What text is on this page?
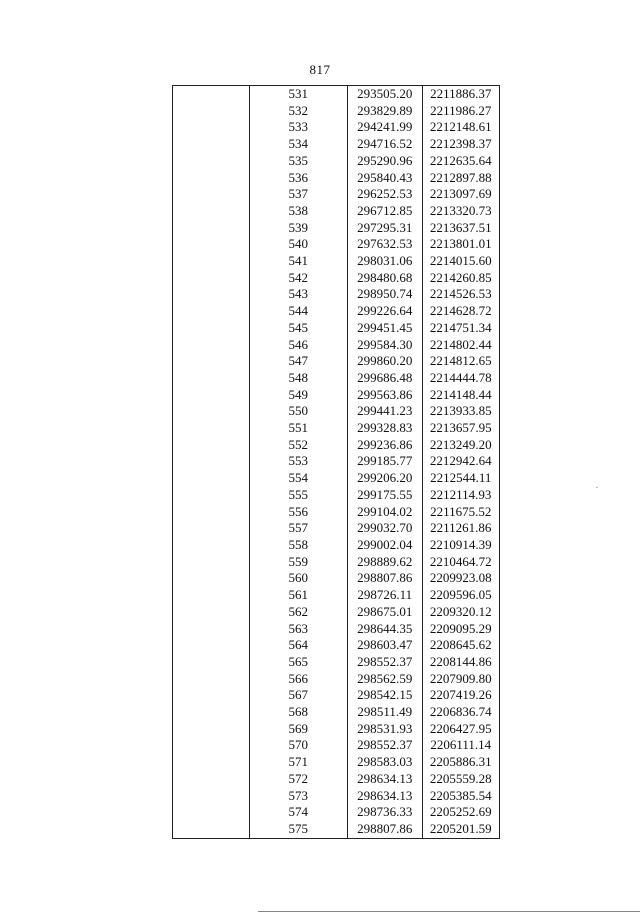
817
	531	293505.20	2211886.37
	532	293829.89	2211986.27
	533	294241.99	2212148.61
	534	294716.52	2212398.37
	535	295290.96	2212635.64
	536	295840.43	2212897.88
	537	296252.53	2213097.69
	538	296712.85	2213320.73
	539	297295.31	2213637.51
	540	297632.53	2213801.01
	541	298031.06	2214015.60
	542	298480.68	2214260.85
	543	298950.74	2214526.53
	544	299226.64	2214628.72
	545	299451.45	2214751.34
	546	299584.30	2214802.44
	547	299860.20	2214812.65
	548	299686.48	2214444.78
	549	299563.86	2214148.44
	550	299441.23	2213933.85
	551	299328.83	2213657.95
	552	299236.86	2213249.20
	553	299185.77	2212942.64
	554	299206.20	2212544.11
	555	299175.55	2212114.93
	556	299104.02	2211675.52
	557	299032.70	2211261.86
	558	299002.04	2210914.39
	559	298889.62	2210464.72
	560	298807.86	2209923.08
	561	298726.11	2209596.05
	562	298675.01	2209320.12
	563	298644.35	2209095.29
	564	298603.47	2208645.62
	565	298552.37	2208144.86
	566	298562.59	2207909.80
	567	298542.15	2207419.26
	568	298511.49	2206836.74
	569	298531.93	2206427.95
	570	298552.37	2206111.14
	571	298583.03	2205886.31
	572	298634.13	2205559.28
	573	298634.13	2205385.54
	574	298736.33	2205252.69
	575	298807.86	2205201.59
